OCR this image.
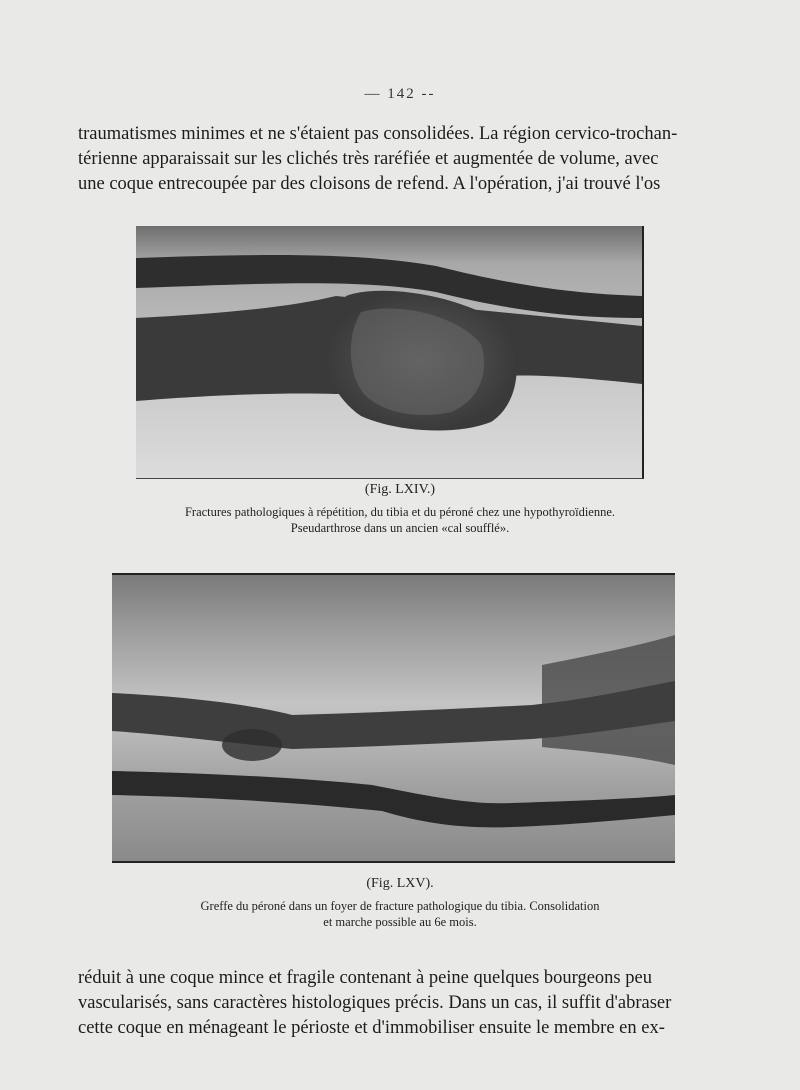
— 142 --
traumatismes minimes et ne s'étaient pas consolidées. La région cervico-trochan-
térienne apparaissait sur les clichés très raréfiée et augmentée de volume, avec
une coque entrecoupée par des cloisons de refend. A l'opération, j'ai trouvé l'os
(Fig. LXIV.)
Fractures pathologiques à répétition, du tibia et du péroné chez une hypothyroïdienne.
Pseudarthrose dans un ancien «cal soufflé».
(Fig. LXV).
Greffe du péroné dans un foyer de fracture pathologique du tibia. Consolidation
et marche possible au 6e mois.
réduit à une coque mince et fragile contenant à peine quelques bourgeons peu
vascularisés, sans caractères histologiques précis. Dans un cas, il suffit d'abraser
cette coque en ménageant le périoste et d'immobiliser ensuite le membre en ex-
